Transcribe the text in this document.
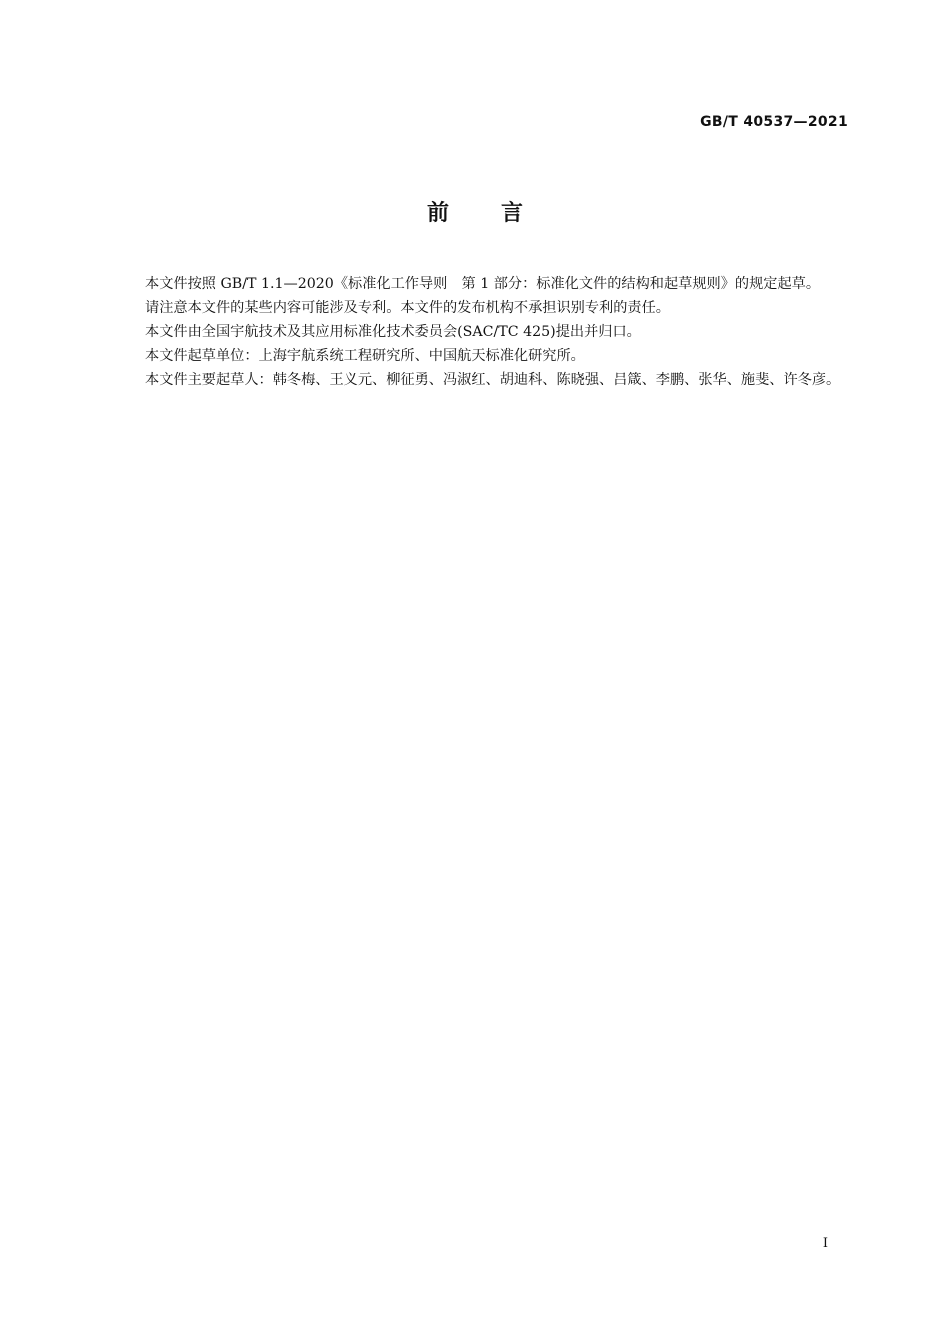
GB/T 40537—2021
前言

本文件按照 GB/T 1.1—2020《标准化工作导则　第 1 部分：标准化文件的结构和起草规则》的规定起草。

请注意本文件的某些内容可能涉及专利。本文件的发布机构不承担识别专利的责任。

本文件由全国宇航技术及其应用标准化技术委员会(SAC/TC 425)提出并归口。

本文件起草单位：上海宇航系统工程研究所、中国航天标准化研究所。

本文件主要起草人：韩冬梅、王义元、柳征勇、冯淑红、胡迪科、陈晓强、吕箴、李鹏、张华、施斐、许冬彦。

I
